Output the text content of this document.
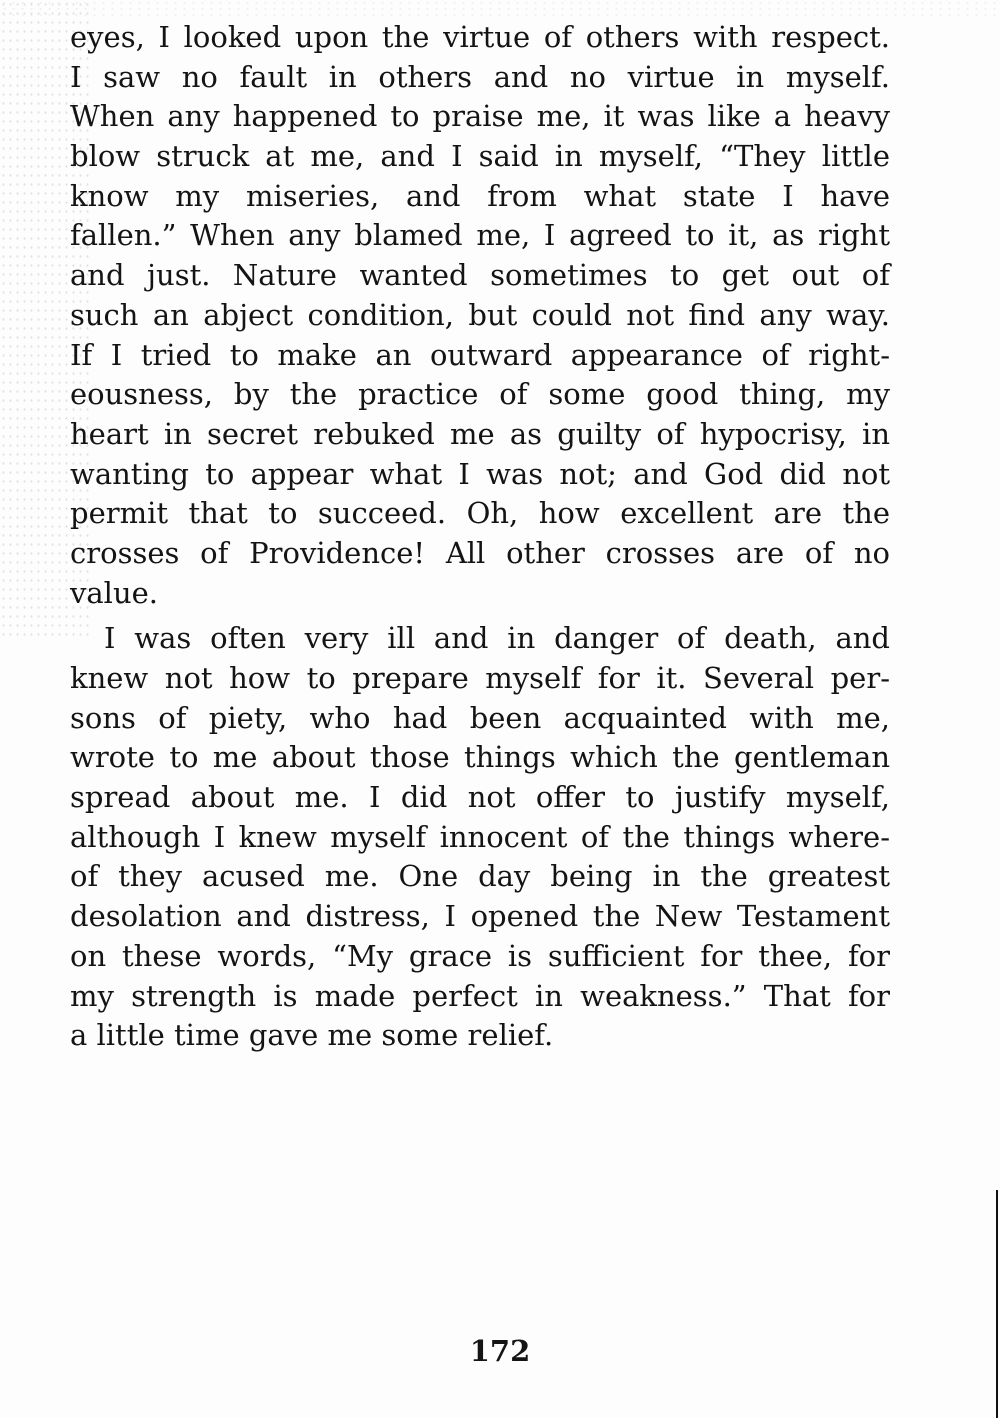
eyes, I looked upon the virtue of others with respect.
I saw no fault in others and no virtue in myself.
When any happened to praise me, it was like a heavy
blow struck at me, and I said in myself, “They little
know my miseries, and from what state I have
fallen.” When any blamed me, I agreed to it, as right
and just. Nature wanted sometimes to get out of
such an abject condition, but could not find any way.
If I tried to make an outward appearance of right-
eousness, by the practice of some good thing, my
heart in secret rebuked me as guilty of hypocrisy, in
wanting to appear what I was not; and God did not
permit that to succeed. Oh, how excellent are the
crosses of Providence! All other crosses are of no
value.
I was often very ill and in danger of death, and
knew not how to prepare myself for it. Several per-
sons of piety, who had been acquainted with me,
wrote to me about those things which the gentleman
spread about me. I did not offer to justify myself,
although I knew myself innocent of the things where-
of they acused me. One day being in the greatest
desolation and distress, I opened the New Testament
on these words, “My grace is sufficient for thee, for
my strength is made perfect in weakness.” That for
a little time gave me some relief.
172
